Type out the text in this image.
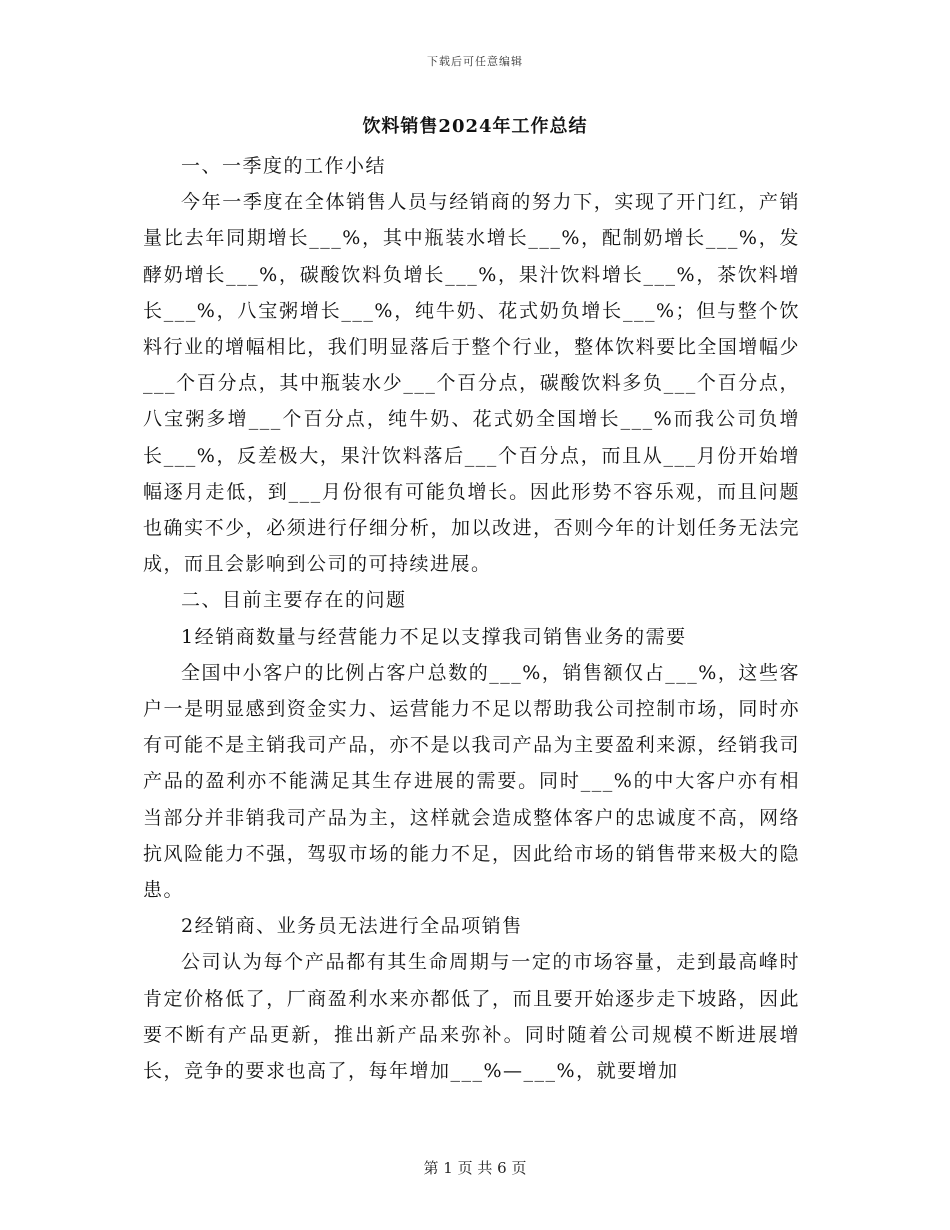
下载后可任意编辑
饮料销售2024年工作总结

一、一季度的工作小结

今年一季度在全体销售人员与经销商的努力下，实现了开门红，产销量比去年同期增长___%，其中瓶装水增长___%，配制奶增长___%，发酵奶增长___%，碳酸饮料负增长___%，果汁饮料增长___%，茶饮料增长___%，八宝粥增长___%，纯牛奶、花式奶负增长___%；但与整个饮料行业的增幅相比，我们明显落后于整个行业，整体饮料要比全国增幅少___个百分点，其中瓶装水少___个百分点，碳酸饮料多负___个百分点，八宝粥多增___个百分点，纯牛奶、花式奶全国增长___%而我公司负增长___%，反差极大，果汁饮料落后___个百分点，而且从___月份开始增幅逐月走低，到___月份很有可能负增长。因此形势不容乐观，而且问题也确实不少，必须进行仔细分析，加以改进，否则今年的计划任务无法完成，而且会影响到公司的可持续进展。

二、目前主要存在的问题

1经销商数量与经营能力不足以支撑我司销售业务的需要

全国中小客户的比例占客户总数的___%，销售额仅占___%，这些客户一是明显感到资金实力、运营能力不足以帮助我公司控制市场，同时亦有可能不是主销我司产品，亦不是以我司产品为主要盈利来源，经销我司产品的盈利亦不能满足其生存进展的需要。同时___%的中大客户亦有相当部分并非销我司产品为主，这样就会造成整体客户的忠诚度不高，网络抗风险能力不强，驾驭市场的能力不足，因此给市场的销售带来极大的隐患。

2经销商、业务员无法进行全品项销售

公司认为每个产品都有其生命周期与一定的市场容量，走到最高峰时肯定价格低了，厂商盈利水来亦都低了，而且要开始逐步走下坡路，因此要不断有产品更新，推出新产品来弥补。同时随着公司规模不断进展增长，竞争的要求也高了，每年增加___%—___%，就要增加

第 1 页 共 6 页
